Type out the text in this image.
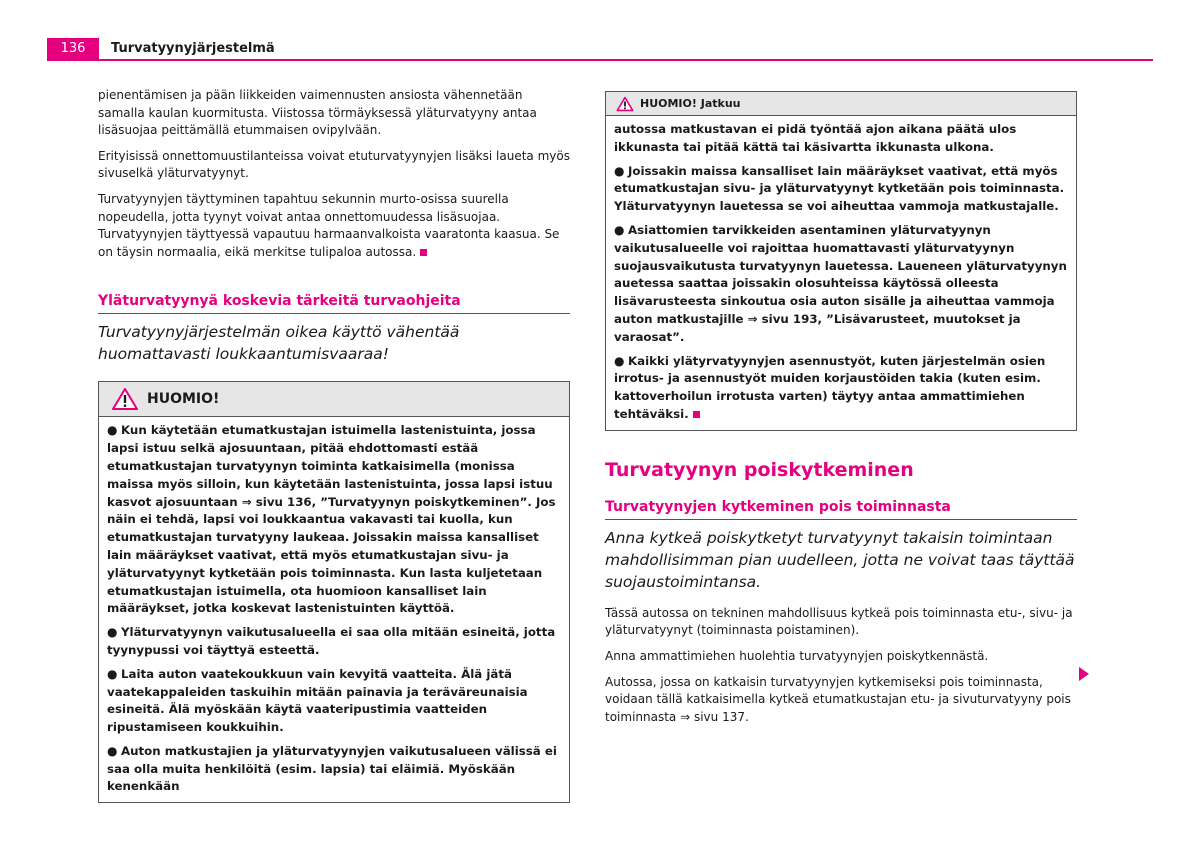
136	Turvatyynyjärjestelmä

pienentämisen ja pään liikkeiden vaimennusten ansiosta vähennetään samalla kaulan kuormitusta. Viistossa törmäyksessä yläturvatyyny antaa lisäsuojaa peittämällä etummaisen ovipylvään.

Erityisissä onnettomuustilanteissa voivat etuturvatyynyjen lisäksi laueta myös sivuselkä yläturvatyynyt.

Turvatyynyjen täyttyminen tapahtuu sekunnin murto-osissa suurella nopeudella, jotta tyynyt voivat antaa onnettomuudessa lisäsuojaa. Turvatyynyjen täyttyessä vapautuu harmaanvalkoista vaaratonta kaasua. Se on täysin normaalia, eikä merkitse tulipaloa autossa.

Yläturvatyynyä koskevia tärkeitä turvaohjeita

Turvatyynyjärjestelmän oikea käyttö vähentää huomattavasti loukkaantumisvaaraa!

HUOMIO!

● Kun käytetään etumatkustajan istuimella lastenistuinta, jossa lapsi istuu selkä ajosuuntaan, pitää ehdottomasti estää etumatkustajan turvatyynyn toiminta katkaisimella (monissa maissa myös silloin, kun käytetään lastenistuinta, jossa lapsi istuu kasvot ajosuuntaan ⇒ sivu 136, ”Turvatyynyn poiskytkeminen”. Jos näin ei tehdä, lapsi voi loukkaantua vakavasti tai kuolla, kun etumatkustajan turvatyyny laukeaa. Joissakin maissa kansalliset lain määräykset vaativat, että myös etumatkustajan sivu- ja yläturvatyynyt kytketään pois toiminnasta. Kun lasta kuljetetaan etumatkustajan istuimella, ota huomioon kansalliset lain määräykset, jotka koskevat lastenistuinten käyttöä.

● Yläturvatyynyn vaikutusalueella ei saa olla mitään esineitä, jotta tyynypussi voi täyttyä esteettä.

● Laita auton vaatekoukkuun vain kevyitä vaatteita. Älä jätä vaatekappaleiden taskuihin mitään painavia ja teräväreunaisia esineitä. Älä myöskään käytä vaateripustimia vaatteiden ripustamiseen koukkuihin.

● Auton matkustajien ja yläturvatyynyjen vaikutusalueen välissä ei saa olla muita henkilöitä (esim. lapsia) tai eläimiä. Myöskään kenenkään

HUOMIO! Jatkuu

autossa matkustavan ei pidä työntää ajon aikana päätä ulos ikkunasta tai pitää kättä tai käsivartta ikkunasta ulkona.

● Joissakin maissa kansalliset lain määräykset vaativat, että myös etumatkustajan sivu- ja yläturvatyynyt kytketään pois toiminnasta. Yläturvatyynyn lauetessa se voi aiheuttaa vammoja matkustajalle.

● Asiattomien tarvikkeiden asentaminen yläturvatyynyn vaikutusalueelle voi rajoittaa huomattavasti yläturvatyynyn suojausvaikutusta turvatyynyn lauetessa. Laueneen yläturvatyynyn auetessa saattaa joissakin olosuhteissa käytössä olleesta lisävarusteesta sinkoutua osia auton sisälle ja aiheuttaa vammoja auton matkustajille ⇒ sivu 193, ”Lisävarusteet, muutokset ja varaosat”.

● Kaikki ylätyrvatyynyjen asennustyöt, kuten järjestelmän osien irrotus- ja asennustyöt muiden korjaustöiden takia (kuten esim. kattoverhoilun irrotusta varten) täytyy antaa ammattimiehen tehtäväksi.

Turvatyynyn poiskytkeminen
Turvatyynyjen kytkeminen pois toiminnasta

Anna kytkeä poiskytketyt turvatyynyt takaisin toimintaan mahdollisimman pian uudelleen, jotta ne voivat taas täyttää suojaustoimintansa.

Tässä autossa on tekninen mahdollisuus kytkeä pois toiminnasta etu-, sivu- ja yläturvatyynyt (toiminnasta poistaminen).

Anna ammattimiehen huolehtia turvatyynyjen poiskytkennästä.

Autossa, jossa on katkaisin turvatyynyjen kytkemiseksi pois toiminnasta, voidaan tällä katkaisimella kytkeä etumatkustajan etu- ja sivuturvatyyny pois toiminnasta ⇒ sivu 137.
